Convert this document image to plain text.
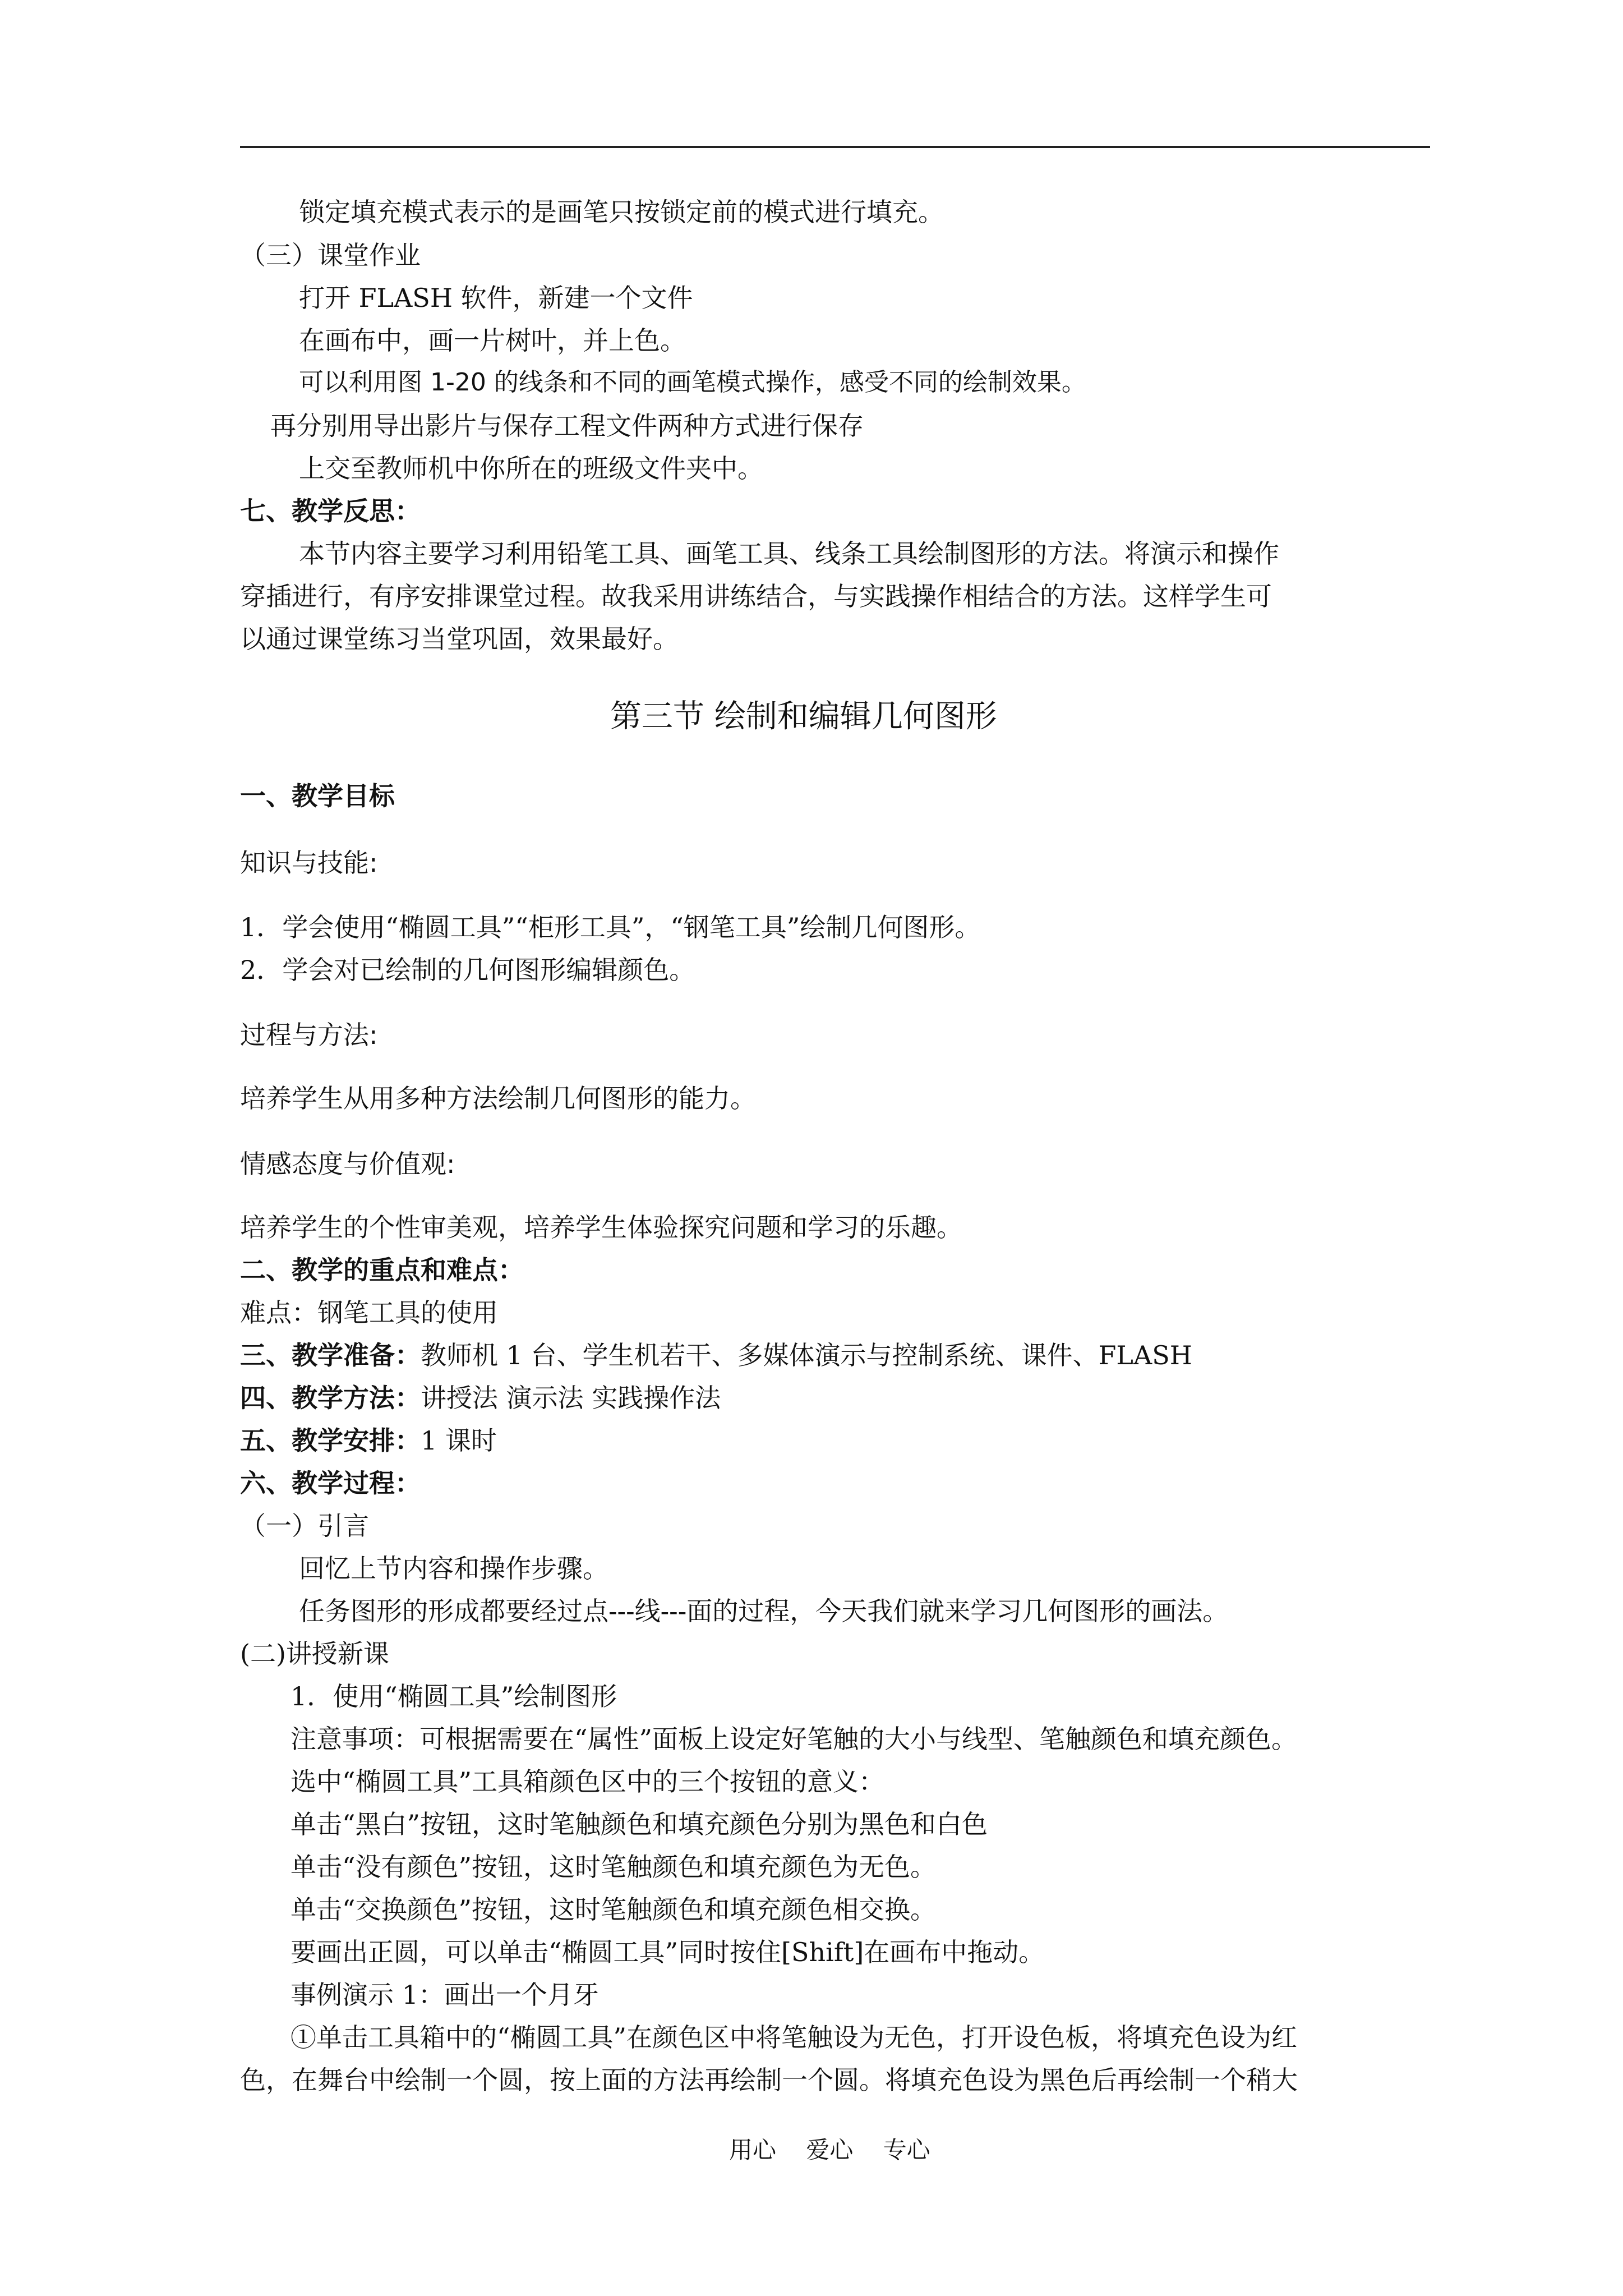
锁定填充模式表示的是画笔只按锁定前的模式进行填充。
（三）课堂作业
打开 FLASH 软件，新建一个文件
在画布中，画一片树叶，并上色。
可以利用图 1-20 的线条和不同的画笔模式操作，感受不同的绘制效果。
再分别用导出影片与保存工程文件两种方式进行保存
上交至教师机中你所在的班级文件夹中。
七、教学反思：
本节内容主要学习利用铅笔工具、画笔工具、线条工具绘制图形的方法。将演示和操作
穿插进行，有序安排课堂过程。故我采用讲练结合，与实践操作相结合的方法。这样学生可
以通过课堂练习当堂巩固，效果最好。
第三节 绘制和编辑几何图形
一、教学目标
知识与技能:
1．学会使用“椭圆工具”“柜形工具”，“钢笔工具”绘制几何图形。
2．学会对已绘制的几何图形编辑颜色。
过程与方法:
培养学生从用多种方法绘制几何图形的能力。
情感态度与价值观:
培养学生的个性审美观，培养学生体验探究问题和学习的乐趣。
二、教学的重点和难点：
难点：钢笔工具的使用
三、教学准备：教师机 1 台、学生机若干、多媒体演示与控制系统、课件、FLASH
四、教学方法：讲授法 演示法 实践操作法
五、教学安排：1 课时
六、教学过程：
（一）引言
回忆上节内容和操作步骤。
任务图形的形成都要经过点---线---面的过程，今天我们就来学习几何图形的画法。
(二)讲授新课
1．使用“椭圆工具”绘制图形
注意事项：可根据需要在“属性”面板上设定好笔触的大小与线型、笔触颜色和填充颜色。
选中“椭圆工具”工具箱颜色区中的三个按钮的意义：
单击“黑白”按钮，这时笔触颜色和填充颜色分别为黑色和白色
单击“没有颜色”按钮，这时笔触颜色和填充颜色为无色。
单击“交换颜色”按钮，这时笔触颜色和填充颜色相交换。
要画出正圆，可以单击“椭圆工具”同时按住[Shift]在画布中拖动。
事例演示 1：画出一个月牙
①单击工具箱中的“椭圆工具”在颜色区中将笔触设为无色，打开设色板，将填充色设为红
色，在舞台中绘制一个圆，按上面的方法再绘制一个圆。将填充色设为黑色后再绘制一个稍大
用心    爱心    专心
